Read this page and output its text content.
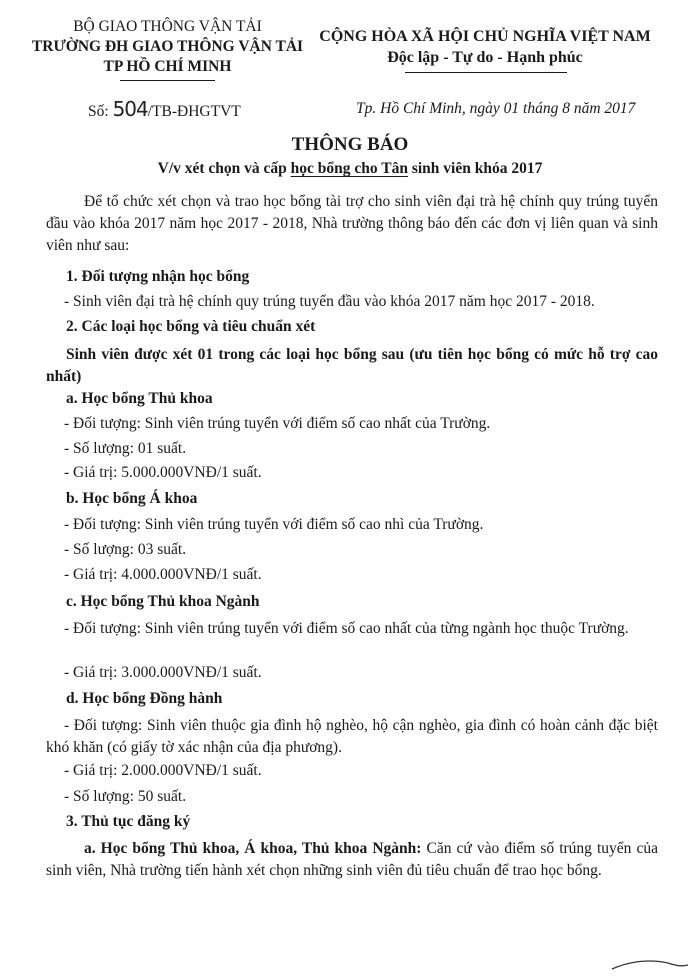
BỘ GIAO THÔNG VẬN TẢI
TRƯỜNG ĐH GIAO THÔNG VẬN TẢI
TP HỒ CHÍ MINH
Số: 504/TB-ĐHGTVT
CỘNG HÒA XÃ HỘI CHỦ NGHĨA VIỆT NAM
Độc lập - Tự do - Hạnh phúc
Tp. Hồ Chí Minh, ngày 01 tháng 8 năm 2017
THÔNG BÁO
V/v xét chọn và cấp học bổng cho Tân sinh viên khóa 2017
Để tổ chức xét chọn và trao học bổng tài trợ cho sinh viên đại trà hệ chính quy trúng tuyển đầu vào khóa 2017 năm học 2017 - 2018, Nhà trường thông báo đến các đơn vị liên quan và sinh viên như sau:
1. Đối tượng nhận học bổng
- Sinh viên đại trà hệ chính quy trúng tuyển đầu vào khóa 2017 năm học 2017 - 2018.
2. Các loại học bổng và tiêu chuẩn xét
Sinh viên được xét 01 trong các loại học bổng sau (ưu tiên học bổng có mức hỗ trợ cao nhất)
a. Học bổng Thủ khoa
- Đối tượng: Sinh viên trúng tuyển với điểm số cao nhất của Trường.
- Số lượng: 01 suất.
- Giá trị: 5.000.000VNĐ/1 suất.
b. Học bổng Á khoa
- Đối tượng: Sinh viên trúng tuyển với điểm số cao nhì của Trường.
- Số lượng: 03 suất.
- Giá trị: 4.000.000VNĐ/1 suất.
c. Học bổng Thủ khoa Ngành
- Đối tượng: Sinh viên trúng tuyển với điểm số cao nhất của từng ngành học thuộc Trường.
- Giá trị: 3.000.000VNĐ/1 suất.
d. Học bổng Đồng hành
- Đối tượng: Sinh viên thuộc gia đình hộ nghèo, hộ cận nghèo, gia đình có hoàn cảnh đặc biệt khó khăn (có giấy tờ xác nhận của địa phương).
- Giá trị: 2.000.000VNĐ/1 suất.
- Số lượng: 50 suất.
3. Thủ tục đăng ký
a. Học bổng Thủ khoa, Á khoa, Thủ khoa Ngành: Căn cứ vào điểm số trúng tuyển của sinh viên, Nhà trường tiến hành xét chọn những sinh viên đủ tiêu chuẩn để trao học bổng.
